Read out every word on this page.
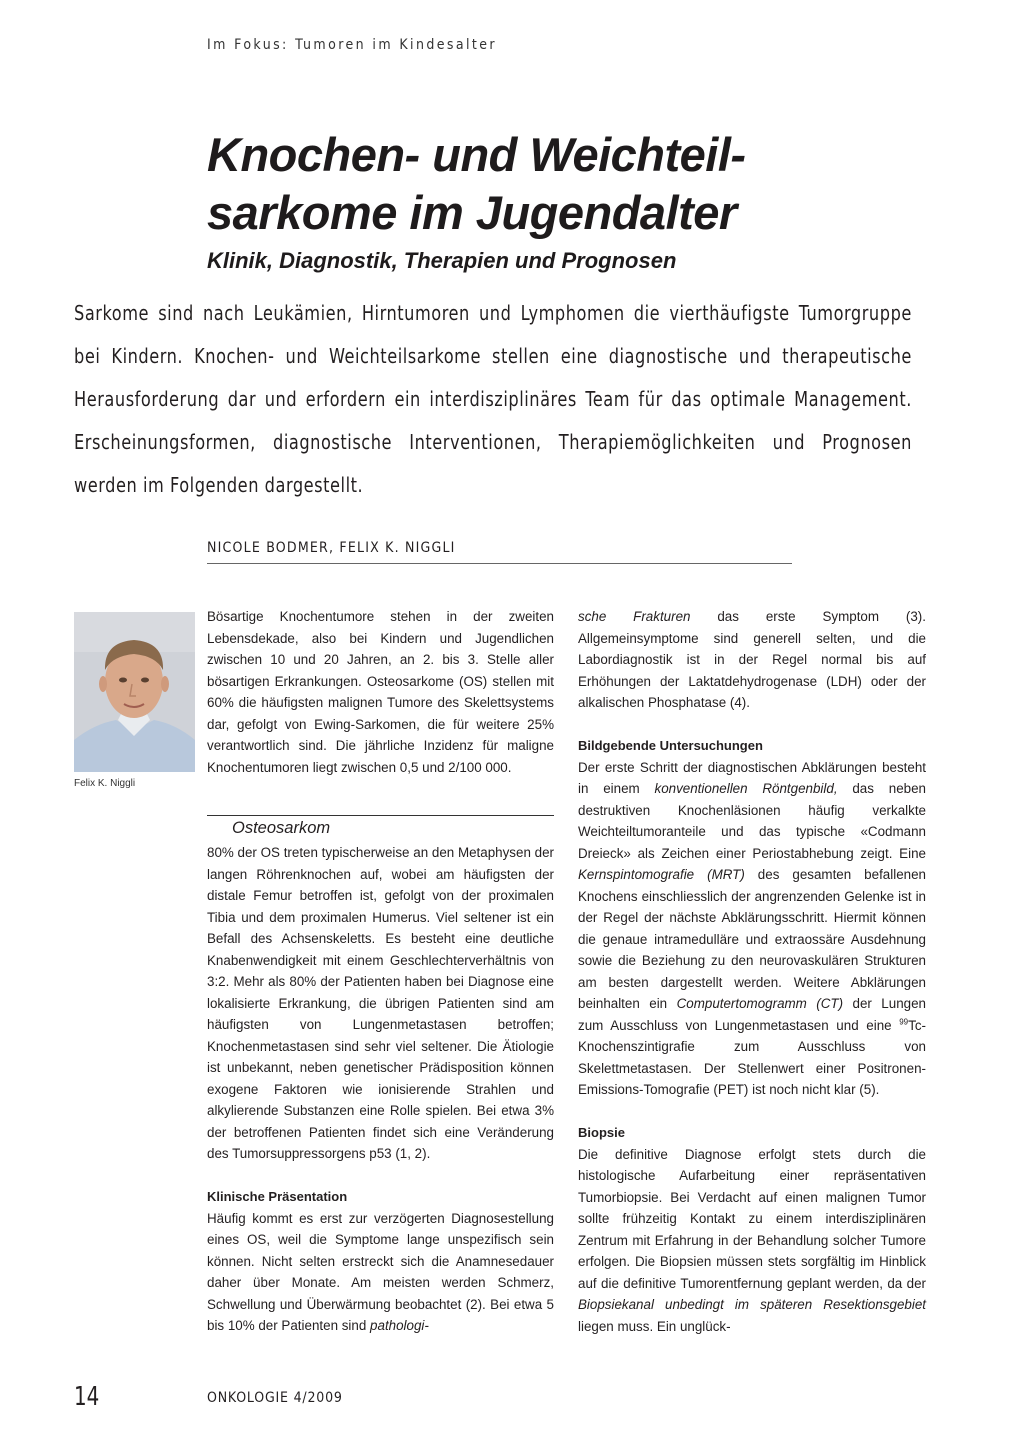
Im Fokus: Tumoren im Kindesalter
Knochen- und Weichteil-
sarkome im Jugendalter
Klinik, Diagnostik, Therapien und Prognosen
Sarkome sind nach Leukämien, Hirntumoren und Lymphomen die vierthäufigste Tumorgruppe bei Kindern. Knochen- und Weichteilsarkome stellen eine diagnostische und therapeutische Herausforderung dar und erfordern ein interdisziplinäres Team für das optimale Management. Erscheinungsformen, diagnostische Interventionen, Therapiemöglichkeiten und Prognosen werden im Folgenden dargestellt.
NICOLE BODMER, FELIX K. NIGGLI
Felix K. Niggli

Bösartige Knochentumore stehen in der zweiten Lebensdekade, also bei Kindern und Jugendlichen zwischen 10 und 20 Jahren, an 2. bis 3. Stelle aller bösartigen Erkrankungen. Osteosarkome (OS) stellen mit 60% die häufigsten malignen Tumore des Skelettsystems dar, gefolgt von Ewing-Sarkomen, die für weitere 25% verantwortlich sind. Die jährliche Inzidenz für maligne Knochentumoren liegt zwischen 0,5 und 2/100 000.

Osteosarkom

80% der OS treten typischerweise an den Metaphysen der langen Röhrenknochen auf, wobei am häufigsten der distale Femur betroffen ist, gefolgt von der proximalen Tibia und dem proximalen Humerus. Viel seltener ist ein Befall des Achsenskeletts. Es besteht eine deutliche Knabenwendigkeit mit einem Geschlechterverhältnis von 3:2. Mehr als 80% der Patienten haben bei Diagnose eine lokalisierte Erkrankung, die übrigen Patienten sind am häufigsten von Lungenmetastasen betroffen; Knochenmetastasen sind sehr viel seltener. Die Ätiologie ist unbekannt, neben genetischer Prädisposition können exogene Faktoren wie ionisierende Strahlen und alkylierende Substanzen eine Rolle spielen. Bei etwa 3% der betroffenen Patienten findet sich eine Veränderung des Tumorsuppressorgens p53 (1, 2).

Klinische Präsentation

Häufig kommt es erst zur verzögerten Diagnosestellung eines OS, weil die Symptome lange unspezifisch sein können. Nicht selten erstreckt sich die Anamnesedauer daher über Monate. Am meisten werden Schmerz, Schwellung und Überwärmung beobachtet (2). Bei etwa 5 bis 10% der Patienten sind pathologi-

sche Frakturen das erste Symptom (3). Allgemeinsymptome sind generell selten, und die Labordiagnostik ist in der Regel normal bis auf Erhöhungen der Laktatdehydrogenase (LDH) oder der alkalischen Phosphatase (4).

Bildgebende Untersuchungen

Der erste Schritt der diagnostischen Abklärungen besteht in einem konventionellen Röntgenbild, das neben destruktiven Knochenläsionen häufig verkalkte Weichteiltumoranteile und das typische «Codmann Dreieck» als Zeichen einer Periostabhebung zeigt. Eine Kernspintomografie (MRT) des gesamten befallenen Knochens einschliesslich der angrenzenden Gelenke ist in der Regel der nächste Abklärungsschritt. Hiermit können die genaue intramedulläre und extraossäre Ausdehnung sowie die Beziehung zu den neurovaskulären Strukturen am besten dargestellt werden. Weitere Abklärungen beinhalten ein Computertomogramm (CT) der Lungen zum Ausschluss von Lungenmetastasen und eine $^{99}$Tc-Knochenszintigrafie zum Ausschluss von Skelettmetastasen. Der Stellenwert einer Positronen-Emissions-Tomografie (PET) ist noch nicht klar (5).

Biopsie

Die definitive Diagnose erfolgt stets durch die histologische Aufarbeitung einer repräsentativen Tumorbiopsie. Bei Verdacht auf einen malignen Tumor sollte frühzeitig Kontakt zu einem interdisziplinären Zentrum mit Erfahrung in der Behandlung solcher Tumore erfolgen. Die Biopsien müssen stets sorgfältig im Hinblick auf die definitive Tumorentfernung geplant werden, da der Biopsiekanal unbedingt im späteren Resektionsgebiet liegen muss. Ein unglück-

14	ONKOLOGIE 4/2009
